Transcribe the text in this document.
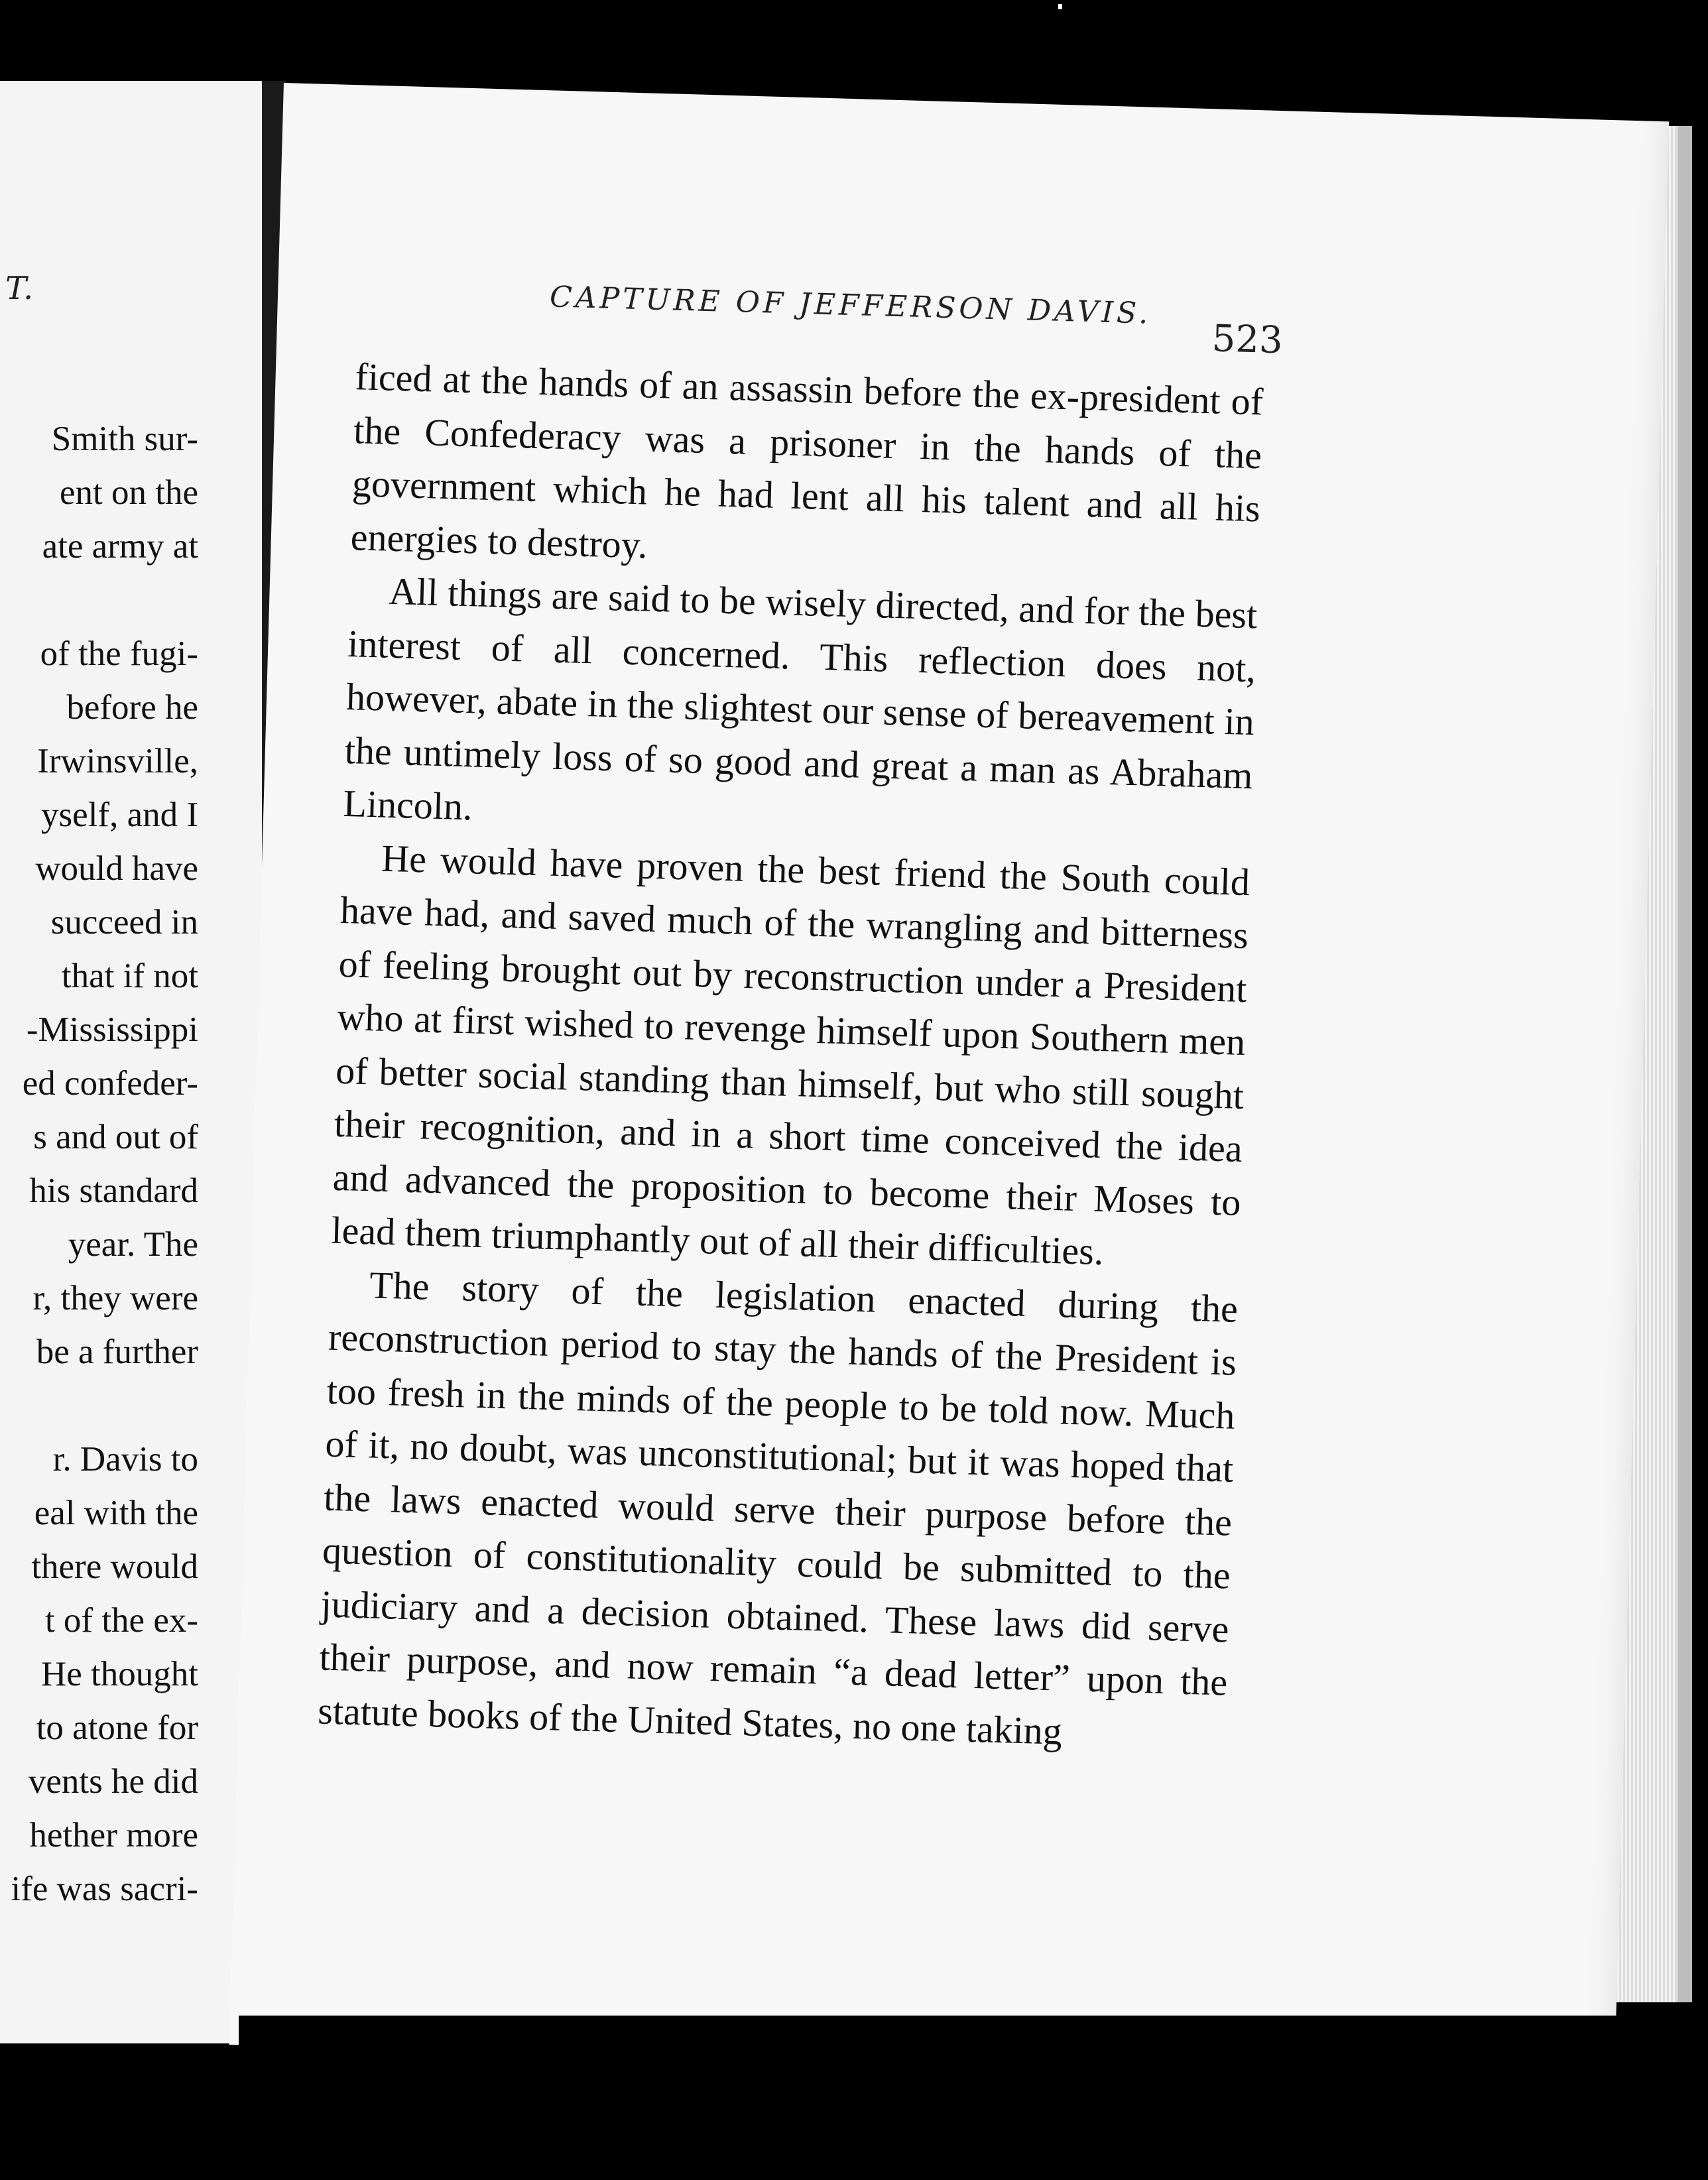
T.
Smith sur-
ent on the
ate army at
of the fugi-
before he
Irwinsville,
yself, and I
would have
succeed in
that if not
-Mississippi
ed confeder-
s and out of
his standard
year. The
r, they were
be a further
r. Davis to
eal with the
there would
t of the ex-
He thought
to atone for
vents he did
hether more
ife was sacri-
CAPTURE OF JEFFERSON DAVIS.
523

ficed at the hands of an assassin before the ex-president of the Confederacy was a prisoner in the hands of the government which he had lent all his talent and all his energies to destroy.

All things are said to be wisely directed, and for the best interest of all concerned. This reflection does not, however, abate in the slightest our sense of bereavement in the untimely loss of so good and great a man as Abraham Lincoln.

He would have proven the best friend the South could have had, and saved much of the wrangling and bitterness of feeling brought out by reconstruction under a President who at first wished to revenge himself upon Southern men of better social standing than himself, but who still sought their recognition, and in a short time conceived the idea and advanced the proposition to become their Moses to lead them triumphantly out of all their difficulties.

The story of the legislation enacted during the reconstruction period to stay the hands of the President is too fresh in the minds of the people to be told now. Much of it, no doubt, was unconstitutional; but it was hoped that the laws enacted would serve their purpose before the question of constitutionality could be submitted to the judiciary and a decision obtained. These laws did serve their purpose, and now remain “a dead letter” upon the statute books of the United States, no one taking
